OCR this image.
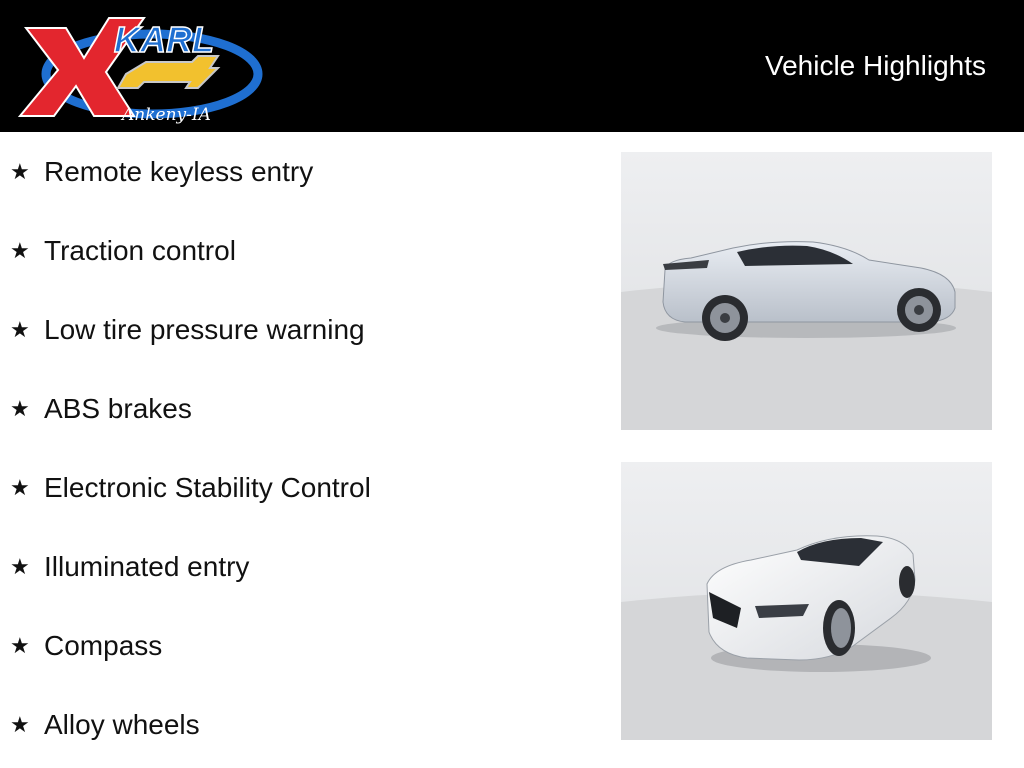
KARL
Ankeny-IA
Vehicle Highlights
★ Remote keyless entry
★ Traction control
★ Low tire pressure warning
★ ABS brakes
★ Electronic Stability Control
★ Illuminated entry
★ Compass
★ Alloy wheels
